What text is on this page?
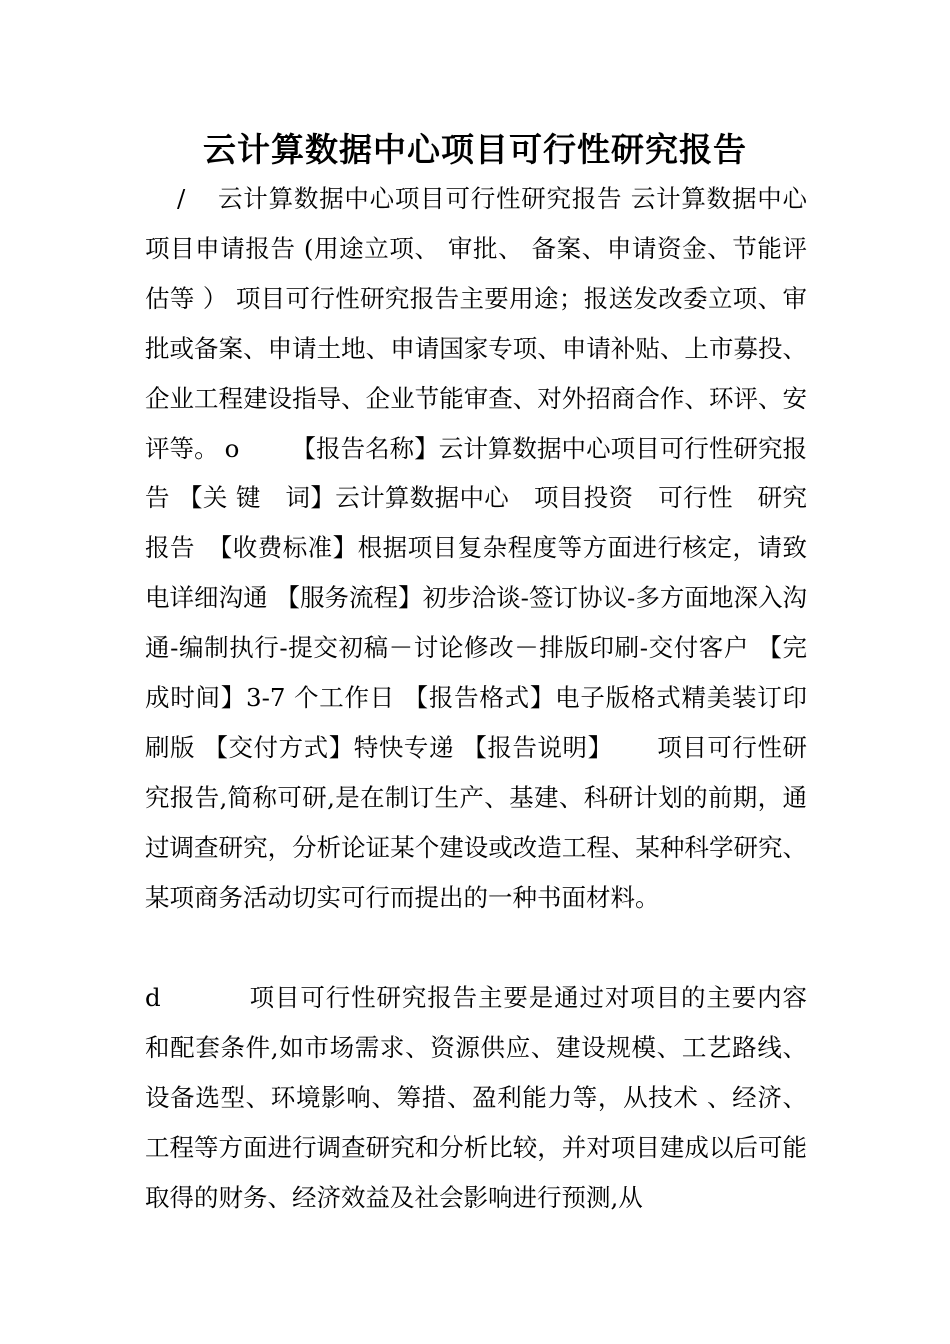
云计算数据中心项目可行性研究报告

/ 云计算数据中心项目可行性研究报告 云计算数据中心项目申请报告 (用途立项、 审批、 备案、申请资金、节能评估等 ） 项目可行性研究报告主要用途；报送发改委立项、审批或备案、申请土地、申请国家专项、申请补贴、上市募投、企业工程建设指导、企业节能审查、对外招商合作、环评、安评等。 o 【报告名称】云计算数据中心项目可行性研究报告 【关 键　词】云计算数据中心　项目投资　可行性　研究报告　【收费标准】根据项目复杂程度等方面进行核定，请致电详细沟通 【服务流程】初步洽谈-签订协议-多方面地深入沟通-编制执行-提交初稿－讨论修改－排版印刷-交付客户 【完成时间】3-7 个工作日 【报告格式】电子版格式精美装订印刷版 【交付方式】特快专递 【报告说明】 项目可行性研究报告,简称可研,是在制订生产、基建、科研计划的前期，通过调查研究，分析论证某个建设或改造工程、某种科学研究、某项商务活动切实可行而提出的一种书面材料。

d	项目可行性研究报告主要是通过对项目的主要内容和配套条件,如市场需求、资源供应、建设规模、工艺路线、设备选型、环境影响、筹措、盈利能力等，从技术 、经济、工程等方面进行调查研究和分析比较，并对项目建成以后可能取得的财务、经济效益及社会影响进行预测,从
